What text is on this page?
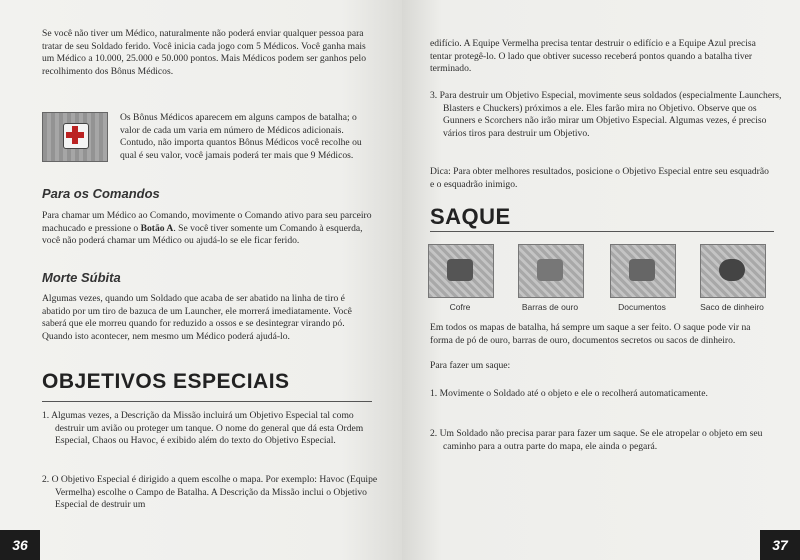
Se você não tiver um Médico, naturalmente não poderá enviar qualquer pessoa para tratar de seu Soldado ferido. Você inicia cada jogo com 5 Médicos. Você ganha mais um Médico a 10.000, 25.000 e 50.000 pontos. Mais Médicos podem ser ganhos pelo recolhimento dos Bônus Médicos.

Os Bônus Médicos aparecem em alguns campos de batalha; o valor de cada um varia em número de Médicos adicionais. Contudo, não importa quantos Bônus Médicos você recolhe ou qual é seu valor, você jamais poderá ter mais que 9 Médicos.

Para os Comandos

Para chamar um Médico ao Comando, movimente o Comando ativo para seu parceiro machucado e pressione o Botão A. Se você tiver somente um Comando à esquerda, você não poderá chamar um Médico ou ajudá-lo se ele ficar ferido.

Morte Súbita

Algumas vezes, quando um Soldado que acaba de ser abatido na linha de tiro é abatido por um tiro de bazuca de um Launcher, ele morrerá imediatamente. Você saberá que ele morreu quando for reduzido a ossos e se desintegrar virando pó. Quando isto acontecer, nem mesmo um Médico poderá ajudá-lo.

OBJETIVOS ESPECIAIS

1. Algumas vezes, a Descrição da Missão incluirá um Objetivo Especial tal como destruir um avião ou proteger um tanque. O nome do general que dá esta Ordem Especial, Chaos ou Havoc, é exibido além do texto do Objetivo Especial.

2. O Objetivo Especial é dirigido a quem escolhe o mapa. Por exemplo: Havoc (Equipe Vermelha) escolhe o Campo de Batalha. A Descrição da Missão inclui o Objetivo Especial de destruir um

36

edifício. A Equipe Vermelha precisa tentar destruir o edifício e a Equipe Azul precisa tentar protegê-lo. O lado que obtiver sucesso receberá pontos quando a batalha tiver terminado.

3. Para destruir um Objetivo Especial, movimente seus soldados (especialmente Launchers, Blasters e Chuckers) próximos a ele. Eles farão mira no Objetivo. Observe que os Gunners e Scorchers não irão mirar um Objetivo Especial. Algumas vezes, é preciso vários tiros para destruir um Objetivo.

Dica: Para obter melhores resultados, posicione o Objetivo Especial entre seu esquadrão e o esquadrão inimigo.

SAQUE
Cofre	Barras de ouro	Documentos	Saco de dinheiro

Em todos os mapas de batalha, há sempre um saque a ser feito. O saque pode vir na forma de pó de ouro, barras de ouro, documentos secretos ou sacos de dinheiro.

Para fazer um saque:

1. Movimente o Soldado até o objeto e ele o recolherá automaticamente.

2. Um Soldado não precisa parar para fazer um saque. Se ele atropelar o objeto em seu caminho para a outra parte do mapa, ele ainda o pegará.

37
